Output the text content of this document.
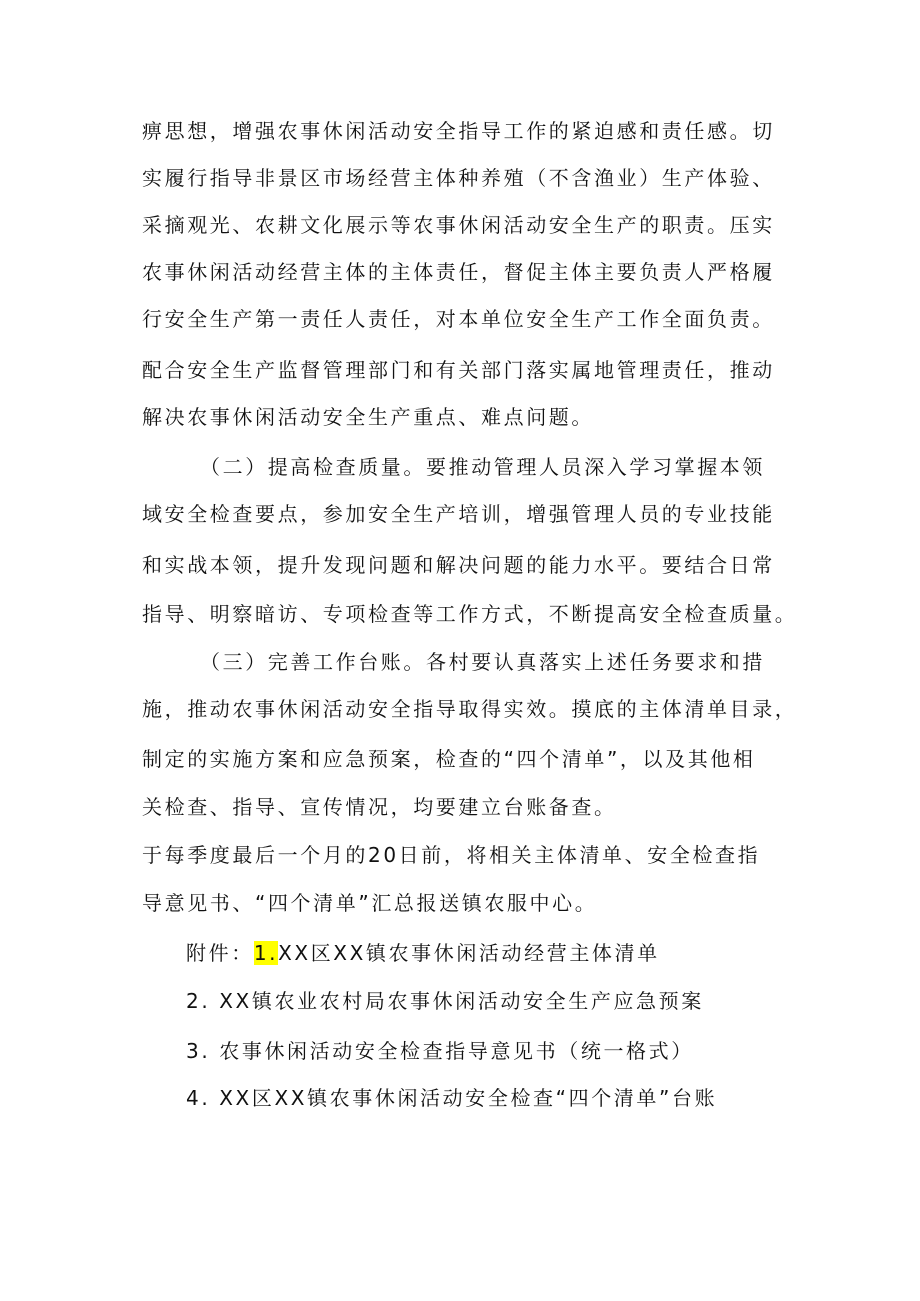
痹思想，增强农事休闲活动安全指导工作的紧迫感和责任感。切
实履行指导非景区市场经营主体种养殖（不含渔业）生产体验、
采摘观光、农耕文化展示等农事休闲活动安全生产的职责。压实
农事休闲活动经营主体的主体责任，督促主体主要负责人严格履
行安全生产第一责任人责任，对本单位安全生产工作全面负责。
配合安全生产监督管理部门和有关部门落实属地管理责任，推动
解决农事休闲活动安全生产重点、难点问题。
（二）提高检查质量。要推动管理人员深入学习掌握本领
域安全检查要点，参加安全生产培训，增强管理人员的专业技能
和实战本领，提升发现问题和解决问题的能力水平。要结合日常
指导、明察暗访、专项检查等工作方式，不断提高安全检查质量。
（三）完善工作台账。各村要认真落实上述任务要求和措
施，推动农事休闲活动安全指导取得实效。摸底的主体清单目录，
制定的实施方案和应急预案，检查的“四个清单”，以及其他相
关检查、指导、宣传情况，均要建立台账备查。
于每季度最后一个月的20日前，将相关主体清单、安全检查指
导意见书、“四个清单”汇总报送镇农服中心。
附件：1.XX区XX镇农事休闲活动经营主体清单
2. XX镇农业农村局农事休闲活动安全生产应急预案
3. 农事休闲活动安全检查指导意见书（统一格式）
4. XX区XX镇农事休闲活动安全检查“四个清单”台账
